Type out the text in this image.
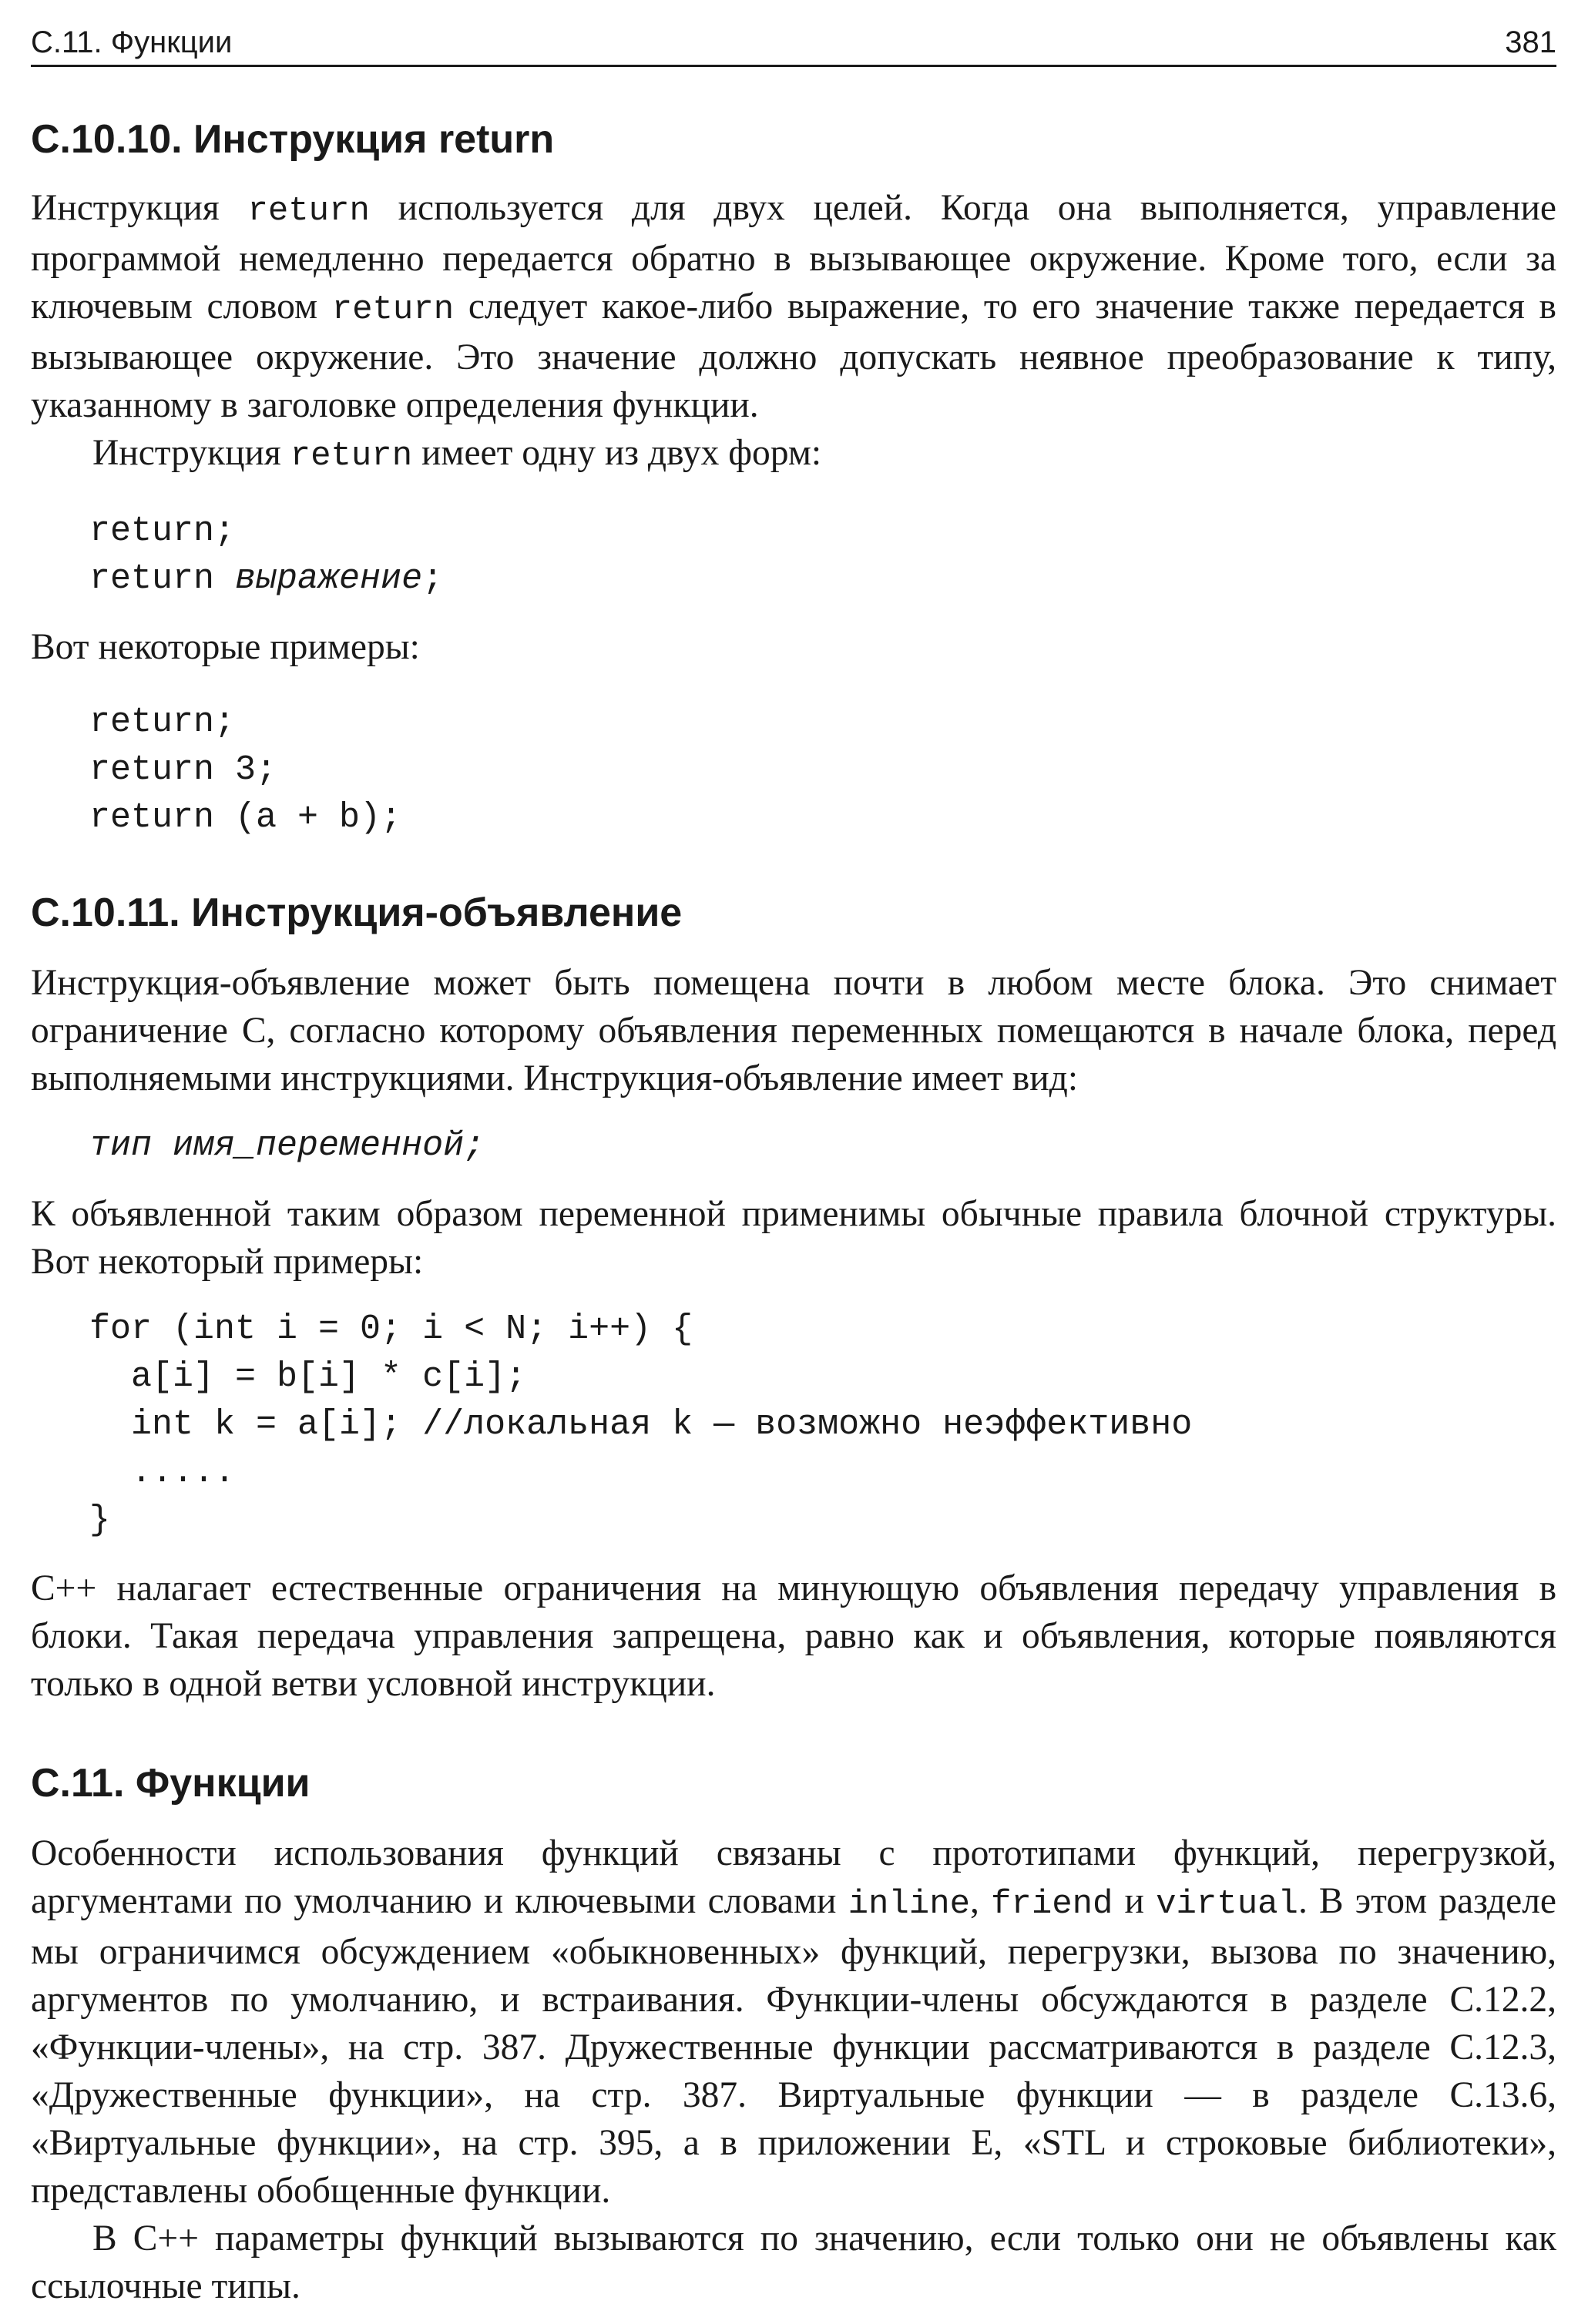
С.11. Функции	381
С.10.10. Инструкция return

Инструкция return используется для двух целей. Когда она выполняется, управление программой немедленно передается обратно в вызывающее окружение. Кроме того, если за ключевым словом return следует какое-либо выражение, то его значение также передается в вызывающее окружение. Это значение должно допускать неявное преобразование к типу, указанному в заголовке определения функции.

Инструкция return имеет одну из двух форм:

return;
return выражение;

Вот некоторые примеры:

return;
return 3;
return (a + b);
С.10.11. Инструкция-объявление

Инструкция-объявление может быть помещена почти в любом месте блока. Это снимает ограничение С, согласно которому объявления переменных помещаются в начале блока, перед выполняемыми инструкциями. Инструкция-объявление имеет вид:

тип имя_переменной;

К объявленной таким образом переменной применимы обычные правила блочной структуры. Вот некоторый примеры:

for (int i = 0; i < N; i++) {
a[i] = b[i] * c[i];
int k = a[i]; //локальная k — возможно неэффективно
.....
}

С++ налагает естественные ограничения на минующую объявления передачу управления в блоки. Такая передача управления запрещена, равно как и объявления, которые появляются только в одной ветви условной инструкции.

С.11. Функции

Особенности использования функций связаны с прототипами функций, перегрузкой, аргументами по умолчанию и ключевыми словами inline, friend и virtual. В этом разделе мы ограничимся обсуждением «обыкновенных» функций, перегрузки, вызова по значению, аргументов по умолчанию, и встраивания. Функции-члены обсуждаются в разделе С.12.2, «Функции-члены», на стр. 387. Дружественные функции рассматриваются в разделе С.12.3, «Дружественные функции», на стр. 387. Виртуальные функции — в разделе С.13.6, «Виртуальные функции», на стр. 395, а в приложении Е, «STL и строковые библиотеки», представлены обобщенные функции.

В С++ параметры функций вызываются по значению, если только они не объявлены как ссылочные типы.
